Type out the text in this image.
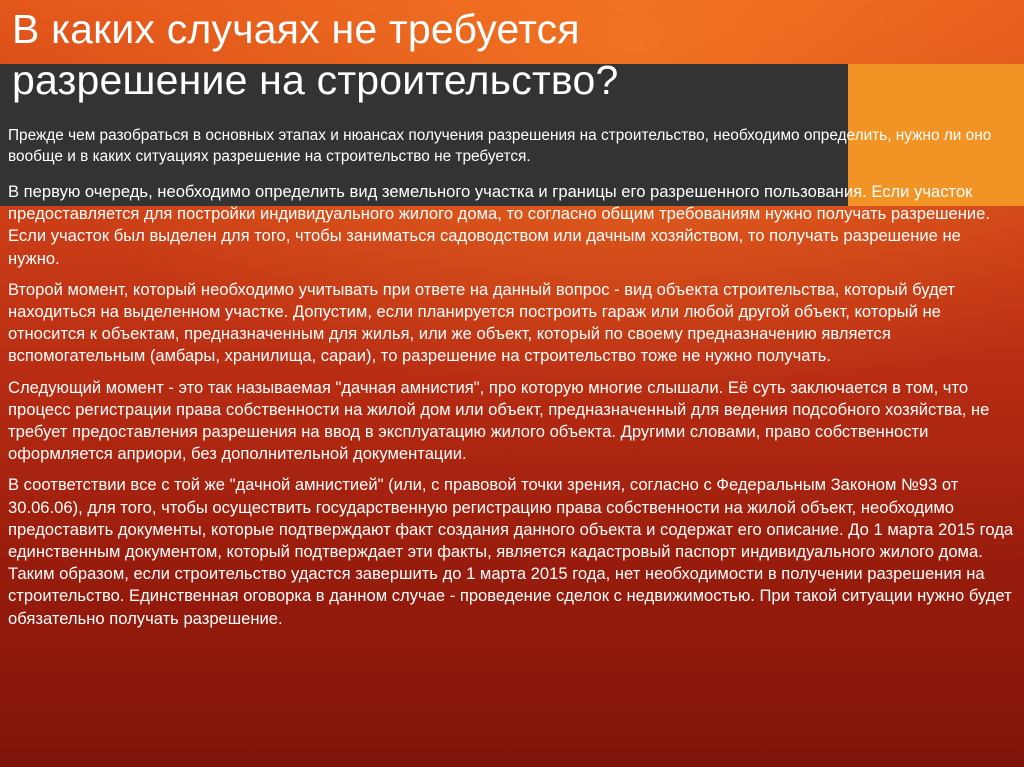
В каких случаях не требуется
разрешение на строительство?

Прежде чем разобраться в основных этапах и нюансах получения разрешения на строительство, необходимо определить, нужно ли оно вообще и в каких ситуациях разрешение на строительство не требуется.

В первую очередь, необходимо определить вид земельного участка и границы его разрешенного пользования. Если участок предоставляется для постройки индивидуального жилого дома, то согласно общим требованиям нужно получать разрешение. Если участок был выделен для того, чтобы заниматься садоводством или дачным хозяйством, то получать разрешение не нужно.

Второй момент, который необходимо учитывать при ответе на данный вопрос - вид объекта строительства, который будет находиться на выделенном участке. Допустим, если планируется построить гараж или любой другой объект, который не относится к объектам, предназначенным для жилья, или же объект, который по своему предназначению является вспомогательным (амбары, хранилища, сараи), то разрешение на строительство тоже не нужно получать.

Следующий момент - это так называемая "дачная амнистия", про которую многие слышали. Её суть заключается в том, что процесс регистрации права собственности на жилой дом или объект, предназначенный для ведения подсобного хозяйства, не требует предоставления разрешения на ввод в эксплуатацию жилого объекта. Другими словами, право собственности оформляется априори, без дополнительной документации.

В соответствии все с той же "дачной амнистией" (или, с правовой точки зрения, согласно с Федеральным Законом №93 от 30.06.06), для того, чтобы осуществить государственную регистрацию права собственности на жилой объект, необходимо предоставить документы, которые подтверждают факт создания данного объекта и содержат его описание. До 1 марта 2015 года единственным документом, который подтверждает эти факты, является кадастровый паспорт индивидуального жилого дома. Таким образом, если строительство удастся завершить до 1 марта 2015 года, нет необходимости в получении разрешения на строительство. Единственная оговорка в данном случае - проведение сделок с недвижимостью. При такой ситуации нужно будет обязательно получать разрешение.
